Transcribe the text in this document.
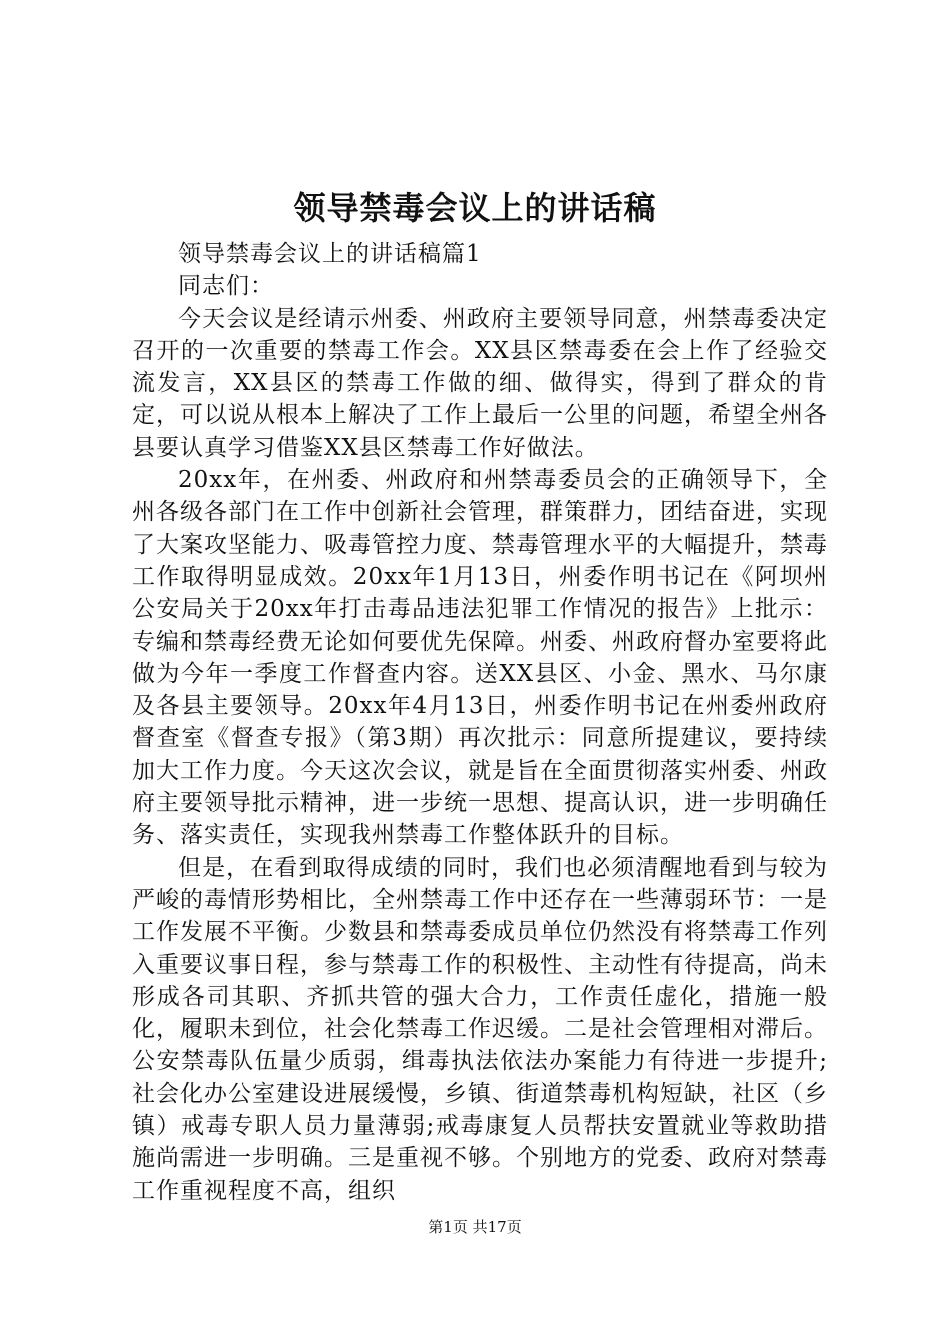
领导禁毒会议上的讲话稿

领导禁毒会议上的讲话稿篇1

同志们：

今天会议是经请示州委、州政府主要领导同意，州禁毒委决定召开的一次重要的禁毒工作会。XX县区禁毒委在会上作了经验交流发言，XX县区的禁毒工作做的细、做得实，得到了群众的肯定，可以说从根本上解决了工作上最后一公里的问题，希望全州各县要认真学习借鉴XX县区禁毒工作好做法。

20xx年，在州委、州政府和州禁毒委员会的正确领导下，全州各级各部门在工作中创新社会管理，群策群力，团结奋进，实现了大案攻坚能力、吸毒管控力度、禁毒管理水平的大幅提升，禁毒工作取得明显成效。20xx年1月13日，州委作明书记在《阿坝州公安局关于20xx年打击毒品违法犯罪工作情况的报告》上批示：专编和禁毒经费无论如何要优先保障。州委、州政府督办室要将此做为今年一季度工作督查内容。送XX县区、小金、黑水、马尔康及各县主要领导。20xx年4月13日，州委作明书记在州委州政府督查室《督查专报》（第3期）再次批示：同意所提建议，要持续加大工作力度。今天这次会议，就是旨在全面贯彻落实州委、州政府主要领导批示精神，进一步统一思想、提高认识，进一步明确任务、落实责任，实现我州禁毒工作整体跃升的目标。

但是，在看到取得成绩的同时，我们也必须清醒地看到与较为严峻的毒情形势相比，全州禁毒工作中还存在一些薄弱环节：一是工作发展不平衡。少数县和禁毒委成员单位仍然没有将禁毒工作列入重要议事日程，参与禁毒工作的积极性、主动性有待提高，尚未形成各司其职、齐抓共管的强大合力，工作责任虚化，措施一般化，履职未到位，社会化禁毒工作迟缓。二是社会管理相对滞后。公安禁毒队伍量少质弱，缉毒执法依法办案能力有待进一步提升;社会化办公室建设进展缓慢，乡镇、街道禁毒机构短缺，社区（乡镇）戒毒专职人员力量薄弱;戒毒康复人员帮扶安置就业等救助措施尚需进一步明确。三是重视不够。个别地方的党委、政府对禁毒工作重视程度不高，组织

第1页 共17页
